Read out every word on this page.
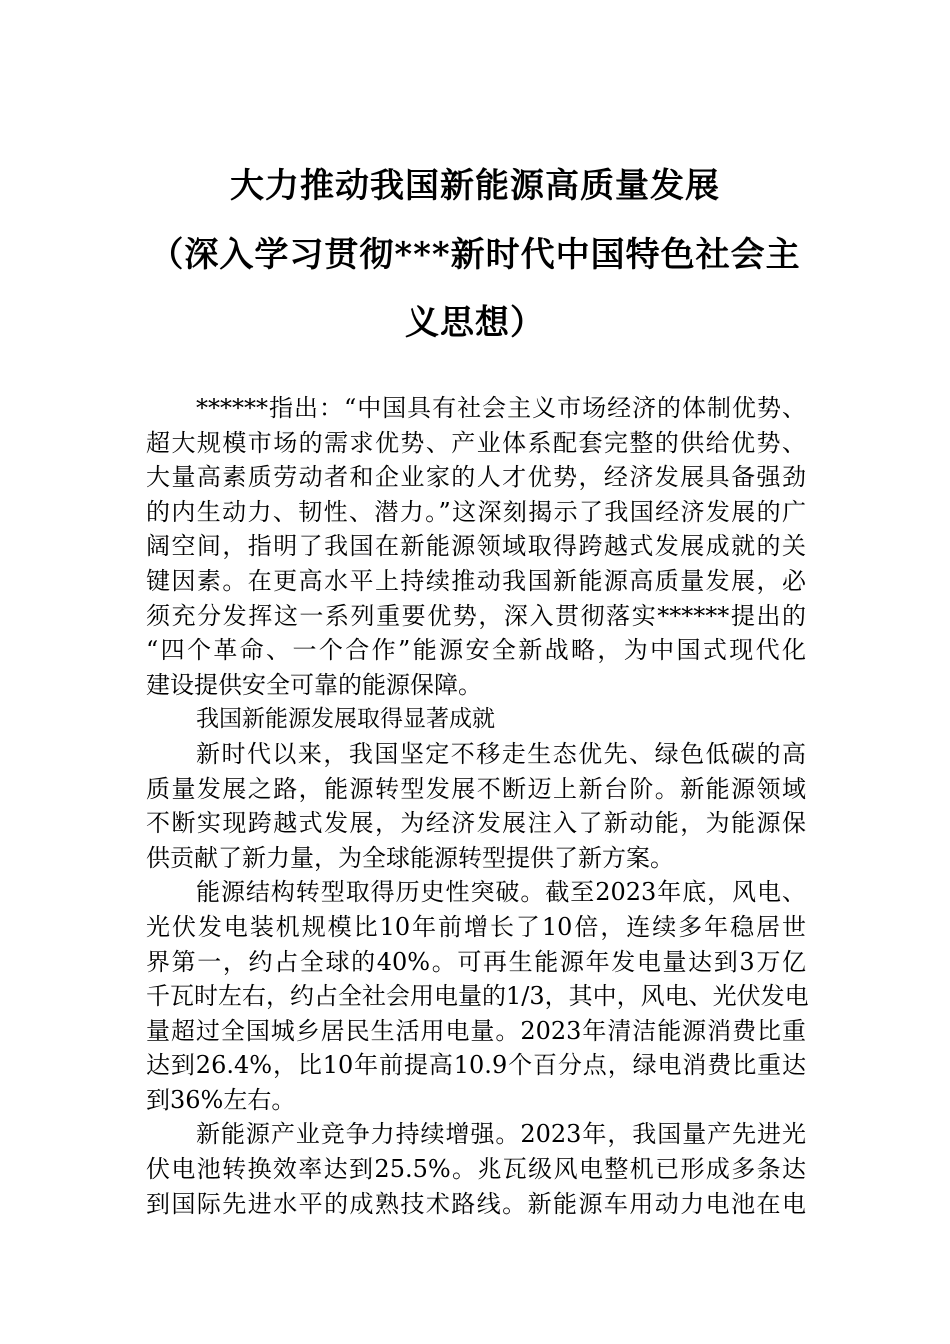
大力推动我国新能源高质量发展
（深入学习贯彻***新时代中国特色社会主
义思想）
******指出：“中国具有社会主义市场经济的体制优势、
超大规模市场的需求优势、产业体系配套完整的供给优势、
大量高素质劳动者和企业家的人才优势，经济发展具备强劲
的内生动力、韧性、潜力。”这深刻揭示了我国经济发展的广
阔空间，指明了我国在新能源领域取得跨越式发展成就的关
键因素。在更高水平上持续推动我国新能源高质量发展，必
须充分发挥这一系列重要优势，深入贯彻落实******提出的
“四个革命、一个合作”能源安全新战略，为中国式现代化
建设提供安全可靠的能源保障。
我国新能源发展取得显著成就
新时代以来，我国坚定不移走生态优先、绿色低碳的高
质量发展之路，能源转型发展不断迈上新台阶。新能源领域
不断实现跨越式发展，为经济发展注入了新动能，为能源保
供贡献了新力量，为全球能源转型提供了新方案。
能源结构转型取得历史性突破。截至2023年底，风电、
光伏发电装机规模比10年前增长了10倍，连续多年稳居世
界第一，约占全球的40%。可再生能源年发电量达到3万亿
千瓦时左右，约占全社会用电量的1/3，其中，风电、光伏发电
量超过全国城乡居民生活用电量。2023年清洁能源消费比重
达到26.4%，比10年前提高10.9个百分点，绿电消费比重达
到36%左右。
新能源产业竞争力持续增强。2023年，我国量产先进光
伏电池转换效率达到25.5%。兆瓦级风电整机已形成多条达
到国际先进水平的成熟技术路线。新能源车用动力电池在电
